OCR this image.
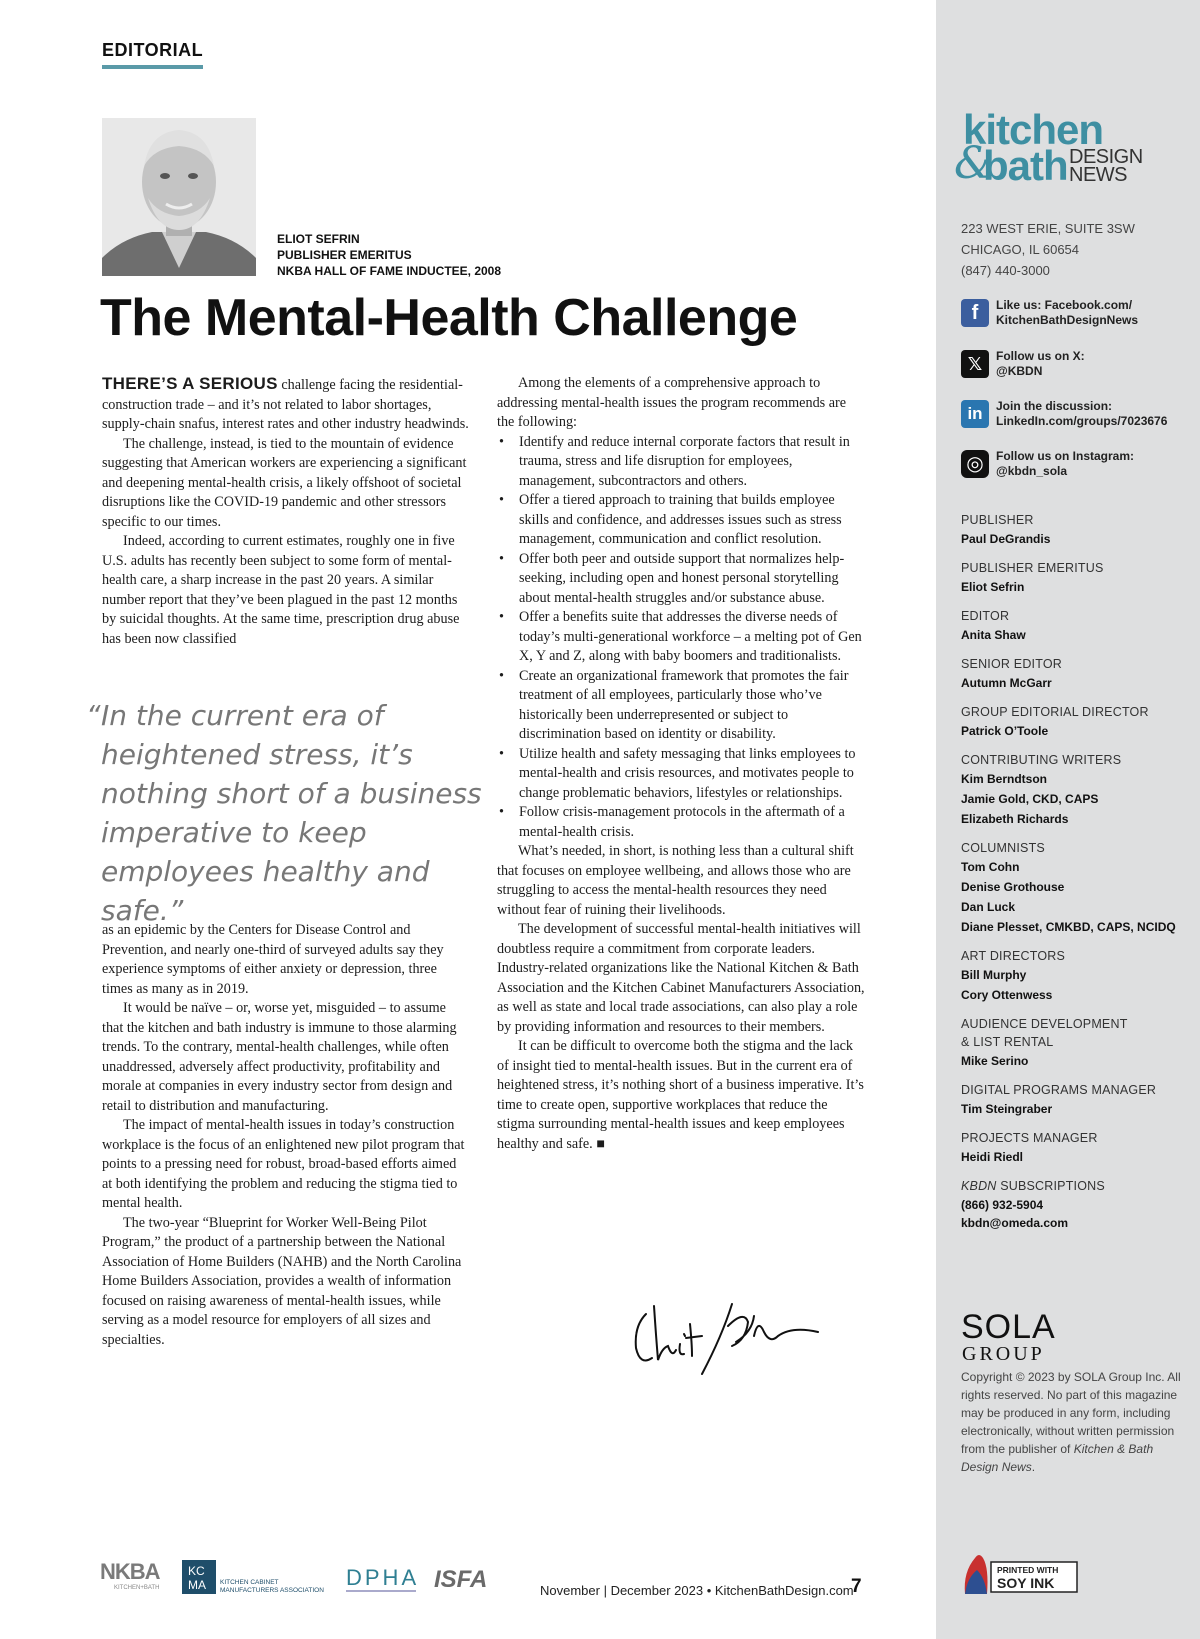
EDITORIAL
ELIOT SEFRIN
PUBLISHER EMERITUS
NKBA HALL OF FAME INDUCTEE, 2008
The Mental-Health Challenge

THERE’S A SERIOUS challenge facing the residential-construction trade – and it’s not related to labor shortages, supply-chain snafus, interest rates and other industry headwinds.

The challenge, instead, is tied to the mountain of evidence suggesting that American workers are experiencing a significant and deepening mental-health crisis, a likely offshoot of societal disruptions like the COVID-19 pandemic and other stressors specific to our times.

Indeed, according to current estimates, roughly one in five U.S. adults has recently been subject to some form of mental-health care, a sharp increase in the past 20 years. A similar number report that they’ve been plagued in the past 12 months by suicidal thoughts. At the same time, prescription drug abuse has been now classified

“ In the current era of heightened stress, it’s nothing short of a business imperative to keep employees healthy and safe.”

as an epidemic by the Centers for Disease Control and Prevention, and nearly one-third of surveyed adults say they experience symptoms of either anxiety or depression, three times as many as in 2019.

It would be naïve – or, worse yet, misguided – to assume that the kitchen and bath industry is immune to those alarming trends. To the contrary, mental-health challenges, while often unaddressed, adversely affect productivity, profitability and morale at companies in every industry sector from design and retail to distribution and manufacturing.

The impact of mental-health issues in today’s construction workplace is the focus of an enlightened new pilot program that points to a pressing need for robust, broad-based efforts aimed at both identifying the problem and reducing the stigma tied to mental health.

The two-year “Blueprint for Worker Well-Being Pilot Program,” the product of a partnership between the National Association of Home Builders (NAHB) and the North Carolina Home Builders Association, provides a wealth of information focused on raising awareness of mental-health issues, while serving as a model resource for employers of all sizes and specialties.

Among the elements of a comprehensive approach to addressing mental-health issues the program recommends are the following:

• Identify and reduce internal corporate factors that result in trauma, stress and life disruption for employees, management, subcontractors and others.
• Offer a tiered approach to training that builds employee skills and confidence, and addresses issues such as stress management, communication and conflict resolution.
• Offer both peer and outside support that normalizes help-seeking, including open and honest personal storytelling about mental-health struggles and/or substance abuse.
• Offer a benefits suite that addresses the diverse needs of today’s multi-generational workforce – a melting pot of Gen X, Y and Z, along with baby boomers and traditionalists.
• Create an organizational framework that promotes the fair treatment of all employees, particularly those who’ve historically been underrepresented or subject to discrimination based on identity or disability.
• Utilize health and safety messaging that links employees to mental-health and crisis resources, and motivates people to change problematic behaviors, lifestyles or relationships.
• Follow crisis-management protocols in the aftermath of a mental-health crisis.

What’s needed, in short, is nothing less than a cultural shift that focuses on employee wellbeing, and allows those who are struggling to access the mental-health resources they need without fear of ruining their livelihoods.

The development of successful mental-health initiatives will doubtless require a commitment from corporate leaders. Industry-related organizations like the National Kitchen & Bath Association and the Kitchen Cabinet Manufacturers Association, as well as state and local trade associations, can also play a role by providing information and resources to their members.

It can be difficult to overcome both the stigma and the lack of insight tied to mental-health issues. But in the current era of heightened stress, it’s nothing short of a business imperative. It’s time to create open, supportive workplaces that reduce the stigma surrounding mental-health issues and keep employees healthy and safe. ■

NKBA
KITCHEN+BATH
KC
MA KITCHEN CABINET
MANUFACTURERS ASSOCIATION
DPHA ISFA	November | December 2023 • KitchenBathDesign.com
7
kitchen
&
bath DESIGN
NEWS
223 WEST ERIE, SUITE 3SW
CHICAGO, IL 60654
(847) 440-3000
f	Like us: Facebook.com/
KitchenBathDesignNews
𝕏	Follow us on X:
@KBDN
in	Join the discussion:
LinkedIn.com/groups/7023676
◎	Follow us on Instagram:
@kbdn_sola
PUBLISHER
Paul DeGrandis
PUBLISHER EMERITUS
Eliot Sefrin
EDITOR
Anita Shaw
SENIOR EDITOR
Autumn McGarr
GROUP EDITORIAL DIRECTOR
Patrick O’Toole
CONTRIBUTING WRITERS
Kim Berndtson
Jamie Gold, CKD, CAPS
Elizabeth Richards
COLUMNISTS
Tom Cohn
Denise Grothouse
Dan Luck
Diane Plesset, CMKBD, CAPS, NCIDQ
ART DIRECTORS
Bill Murphy
Cory Ottenwess
AUDIENCE DEVELOPMENT
& LIST RENTAL
Mike Serino
DIGITAL PROGRAMS MANAGER
Tim Steingraber
PROJECTS MANAGER
Heidi Riedl
KBDN SUBSCRIPTIONS
(866) 932-5904
kbdn@omeda.com
SOLA
GROUP
Copyright © 2023 by SOLA Group Inc. All rights reserved. No part of this magazine may be produced in any form, including electronically, without written permission from the publisher of Kitchen & Bath Design News.
PRINTED WITH
SOY INK
